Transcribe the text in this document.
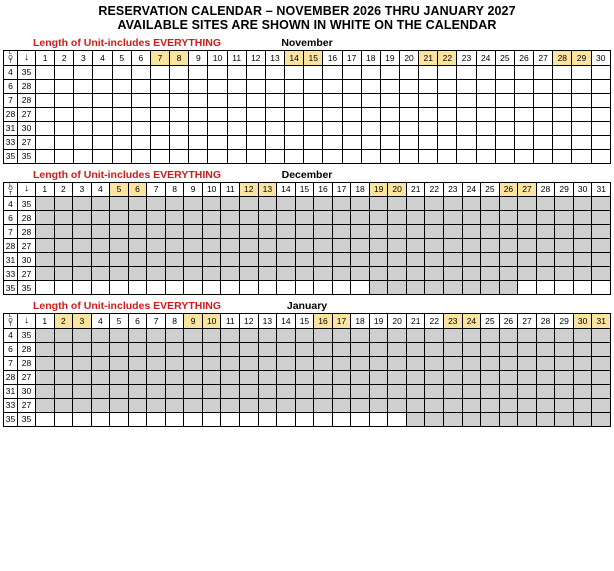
RESERVATION CALENDAR – NOVEMBER 2026 THRU JANUARY 2027
AVAILABLE SITES ARE SHOWN IN WHITE ON THE CALENDAR
Length of Unit-includes EVERYTHING	November
L
O
T	↓	1	2	3	4	5	6	7	8	9	10	11	12	13	14	15	16	17	18	19	20	21	22	23	24	25	26	27	28	29	30
4	35																														
6	28																														
7	28																														
28	27																														
31	30																														
33	27																														
35	35																														
Length of Unit-includes EVERYTHING	December
L
O
T	↓	1	2	3	4	5	6	7	8	9	10	11	12	13	14	15	16	17	18	19	20	21	22	23	24	25	26	27	28	29	30	31
4	35																															
6	28																															
7	28																															
28	27																															
31	30																															
33	27																															
35	35																															
Length of Unit-includes EVERYTHING	January
L
O
T	↓	1	2	3	4	5	6	7	8	9	10	11	12	13	14	15	16	17	18	19	20	21	22	23	24	25	26	27	28	29	30	31
4	35																															
6	28																															
7	28																															
28	27																															
31	30																															
33	27																															
35	35																															
